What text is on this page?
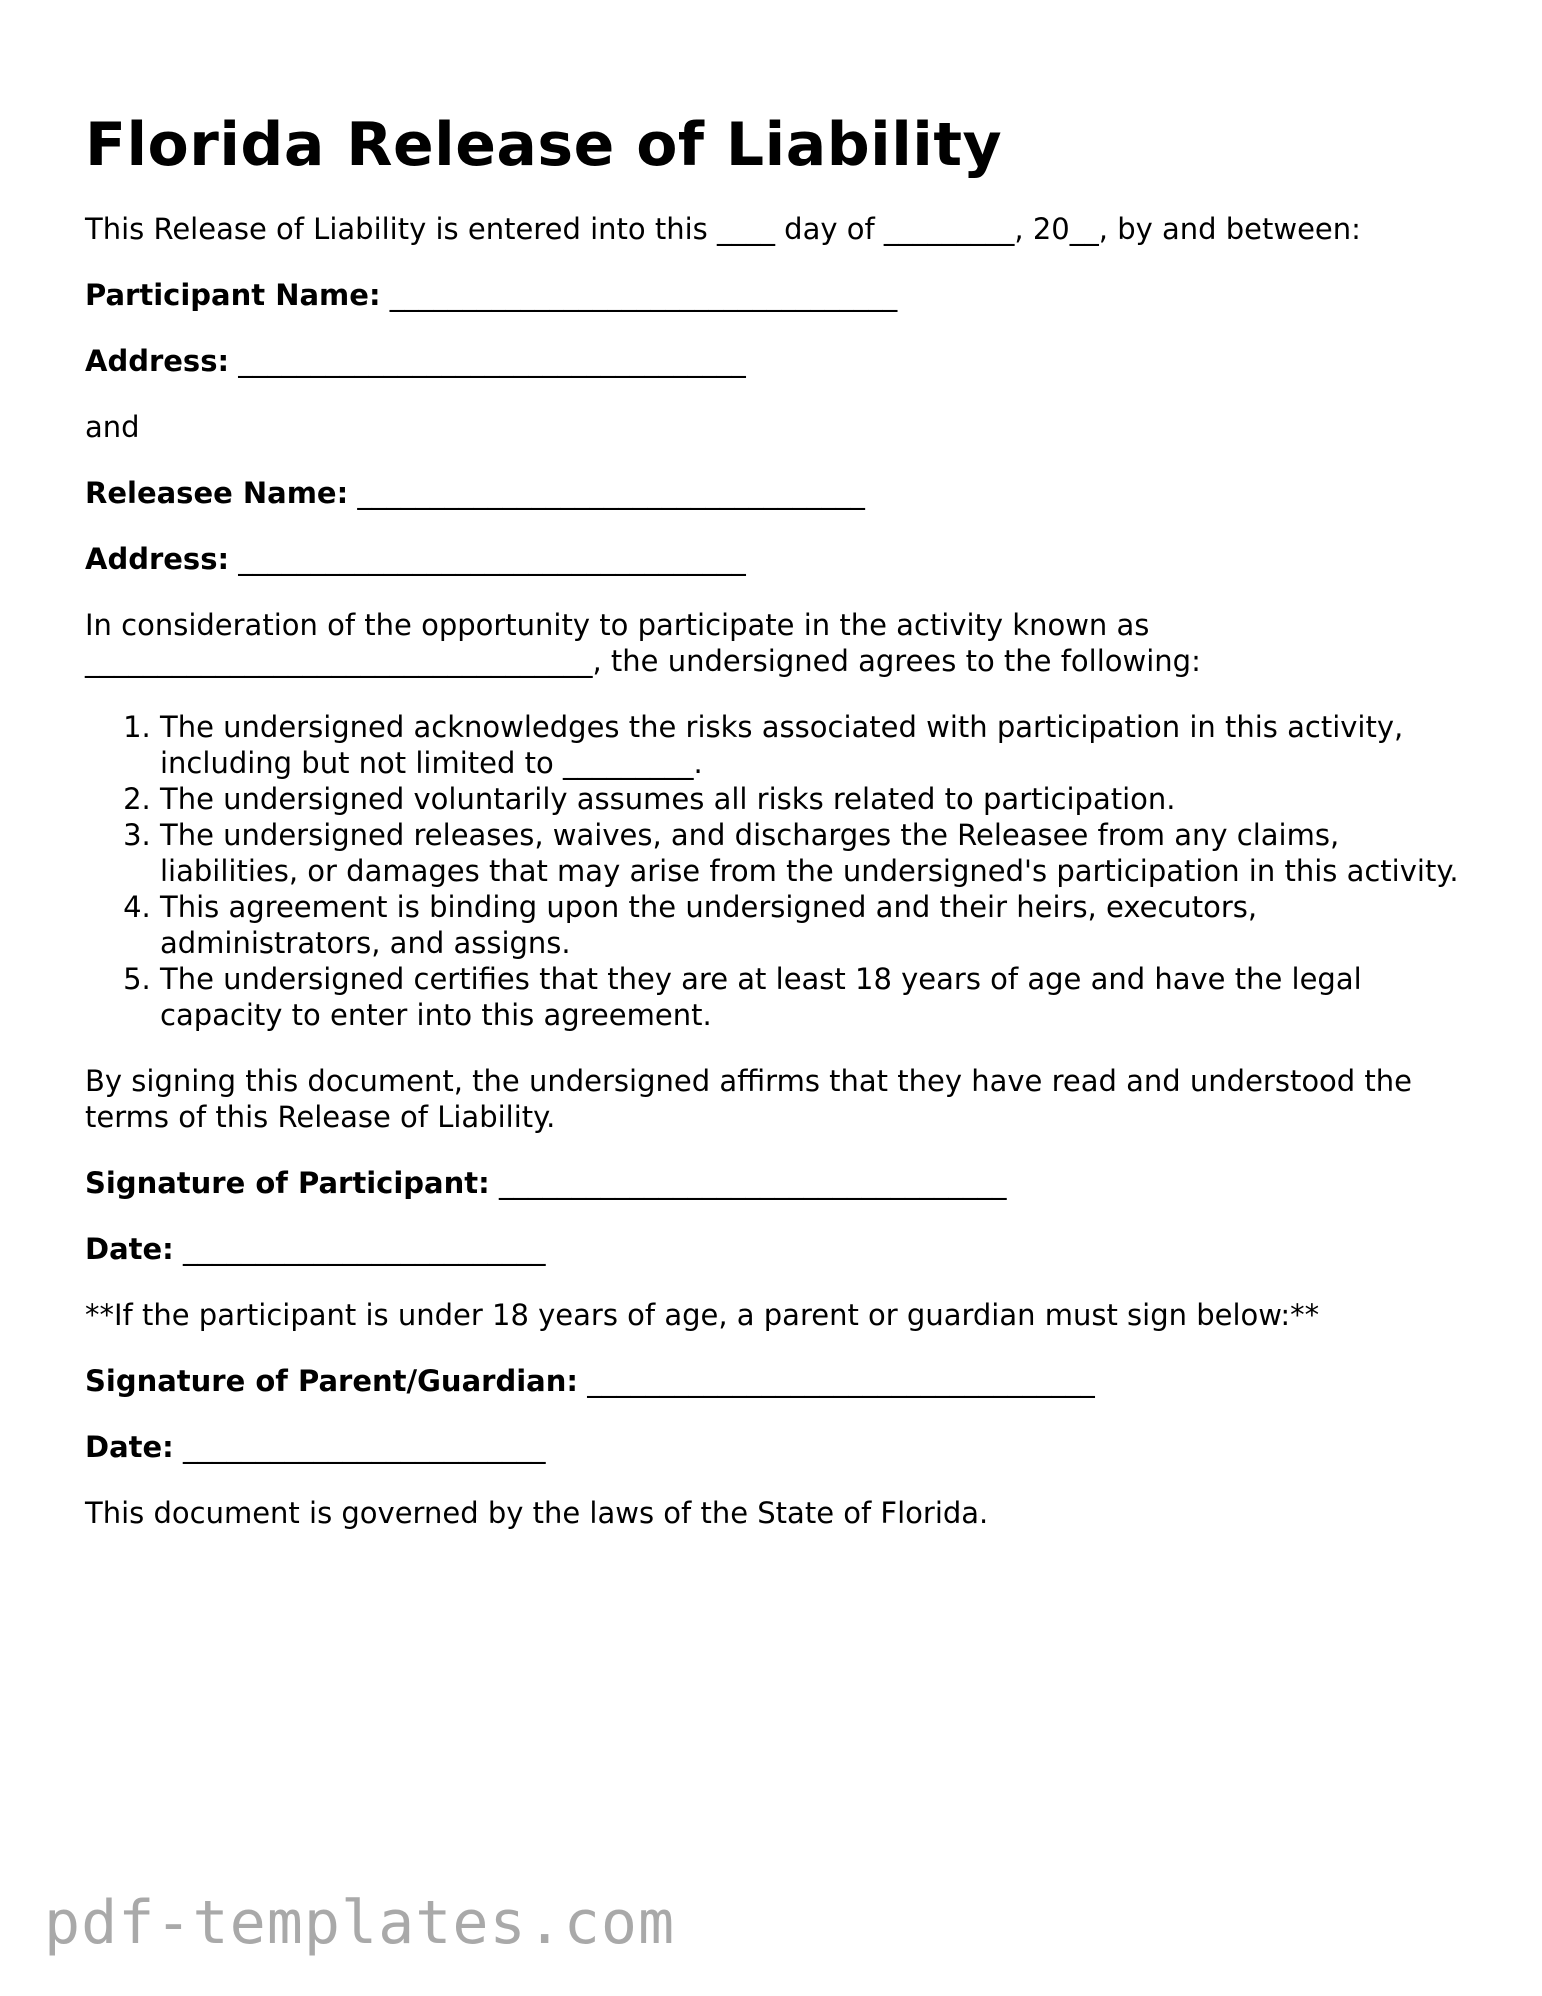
Florida Release of Liability

This Release of Liability is entered into this ____ day of _________, 20__, by and between:

Participant Name: ___________________________________
Address: ___________________________________

and

Releasee Name: ___________________________________
Address: ___________________________________

In consideration of the opportunity to participate in the activity known as ___________________________________, the undersigned agrees to the following:

1. The undersigned acknowledges the risks associated with participation in this activity, including but not limited to _________.
2. The undersigned voluntarily assumes all risks related to participation.
3. The undersigned releases, waives, and discharges the Releasee from any claims, liabilities, or damages that may arise from the undersigned's participation in this activity.
4. This agreement is binding upon the undersigned and their heirs, executors, administrators, and assigns.
5. The undersigned certifies that they are at least 18 years of age and have the legal capacity to enter into this agreement.

By signing this document, the undersigned affirms that they have read and understood the terms of this Release of Liability.

Signature of Participant: ___________________________________
Date: _________________________

**If the participant is under 18 years of age, a parent or guardian must sign below:**

Signature of Parent/Guardian: ___________________________________
Date: _________________________

This document is governed by the laws of the State of Florida.

pdf-templates.com
